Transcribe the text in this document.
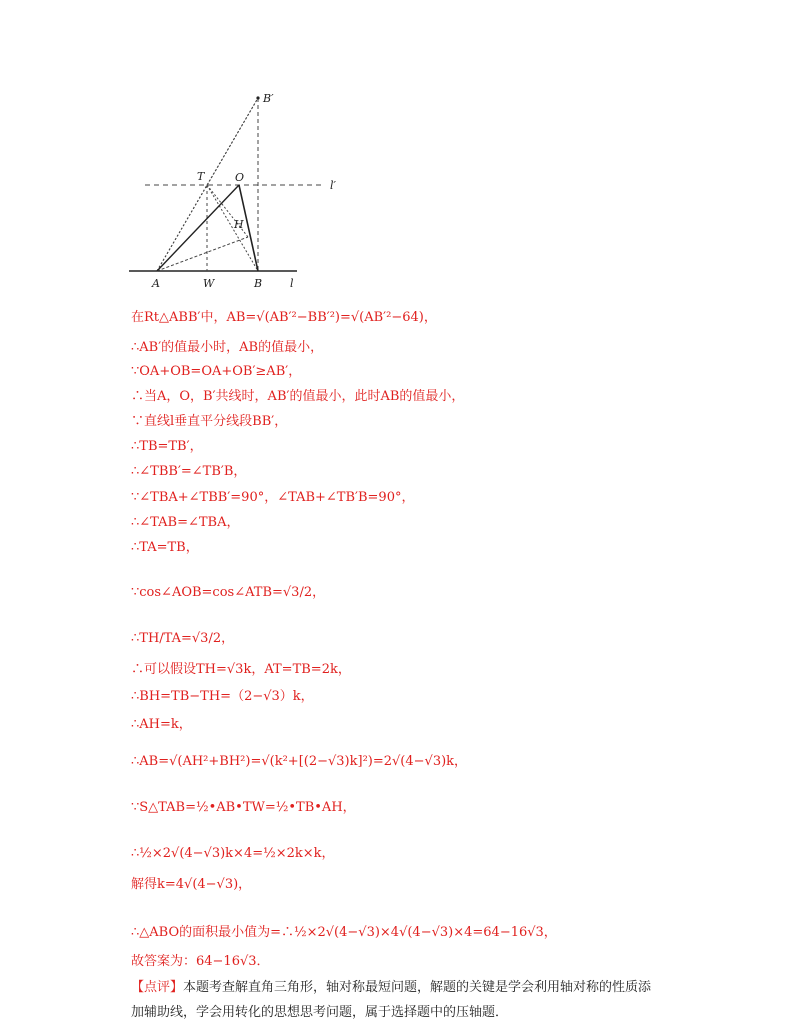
B′
T	O
l′
H
A	W	B	l
在Rt△ABB′中，AB=√(AB′²−BB′²)=√(AB′²−64)，
∴AB′的值最小时，AB的值最小，
∵OA+OB=OA+OB′≥AB′，
∴当A，O，B′共线时，AB′的值最小，此时AB的值最小，
∵直线l垂直平分线段BB′，
∴TB=TB′，
∴∠TBB′=∠TB′B，
∵∠TBA+∠TBB′=90°，∠TAB+∠TB′B=90°，
∴∠TAB=∠TBA，
∴TA=TB，
∵cos∠AOB=cos∠ATB=√3/2，
∴TH/TA=√3/2，
∴可以假设TH=√3k，AT=TB=2k，
∴BH=TB−TH=（2−√3）k，
∴AH=k，
∴AB=√(AH²+BH²)=√(k²+[(2−√3)k]²)=2√(4−√3)k，
∵S△TAB=½•AB•TW=½•TB•AH，
∴½×2√(4−√3)k×4=½×2k×k，
解得k=4√(4−√3)，
∴△ABO的面积最小值为=∴½×2√(4−√3)×4√(4−√3)×4=64−16√3，
故答案为：64−16√3．
【点评】本题考查解直角三角形，轴对称最短问题，解题的关键是学会利用轴对称的性质添
加辅助线，学会用转化的思想思考问题，属于选择题中的压轴题．
